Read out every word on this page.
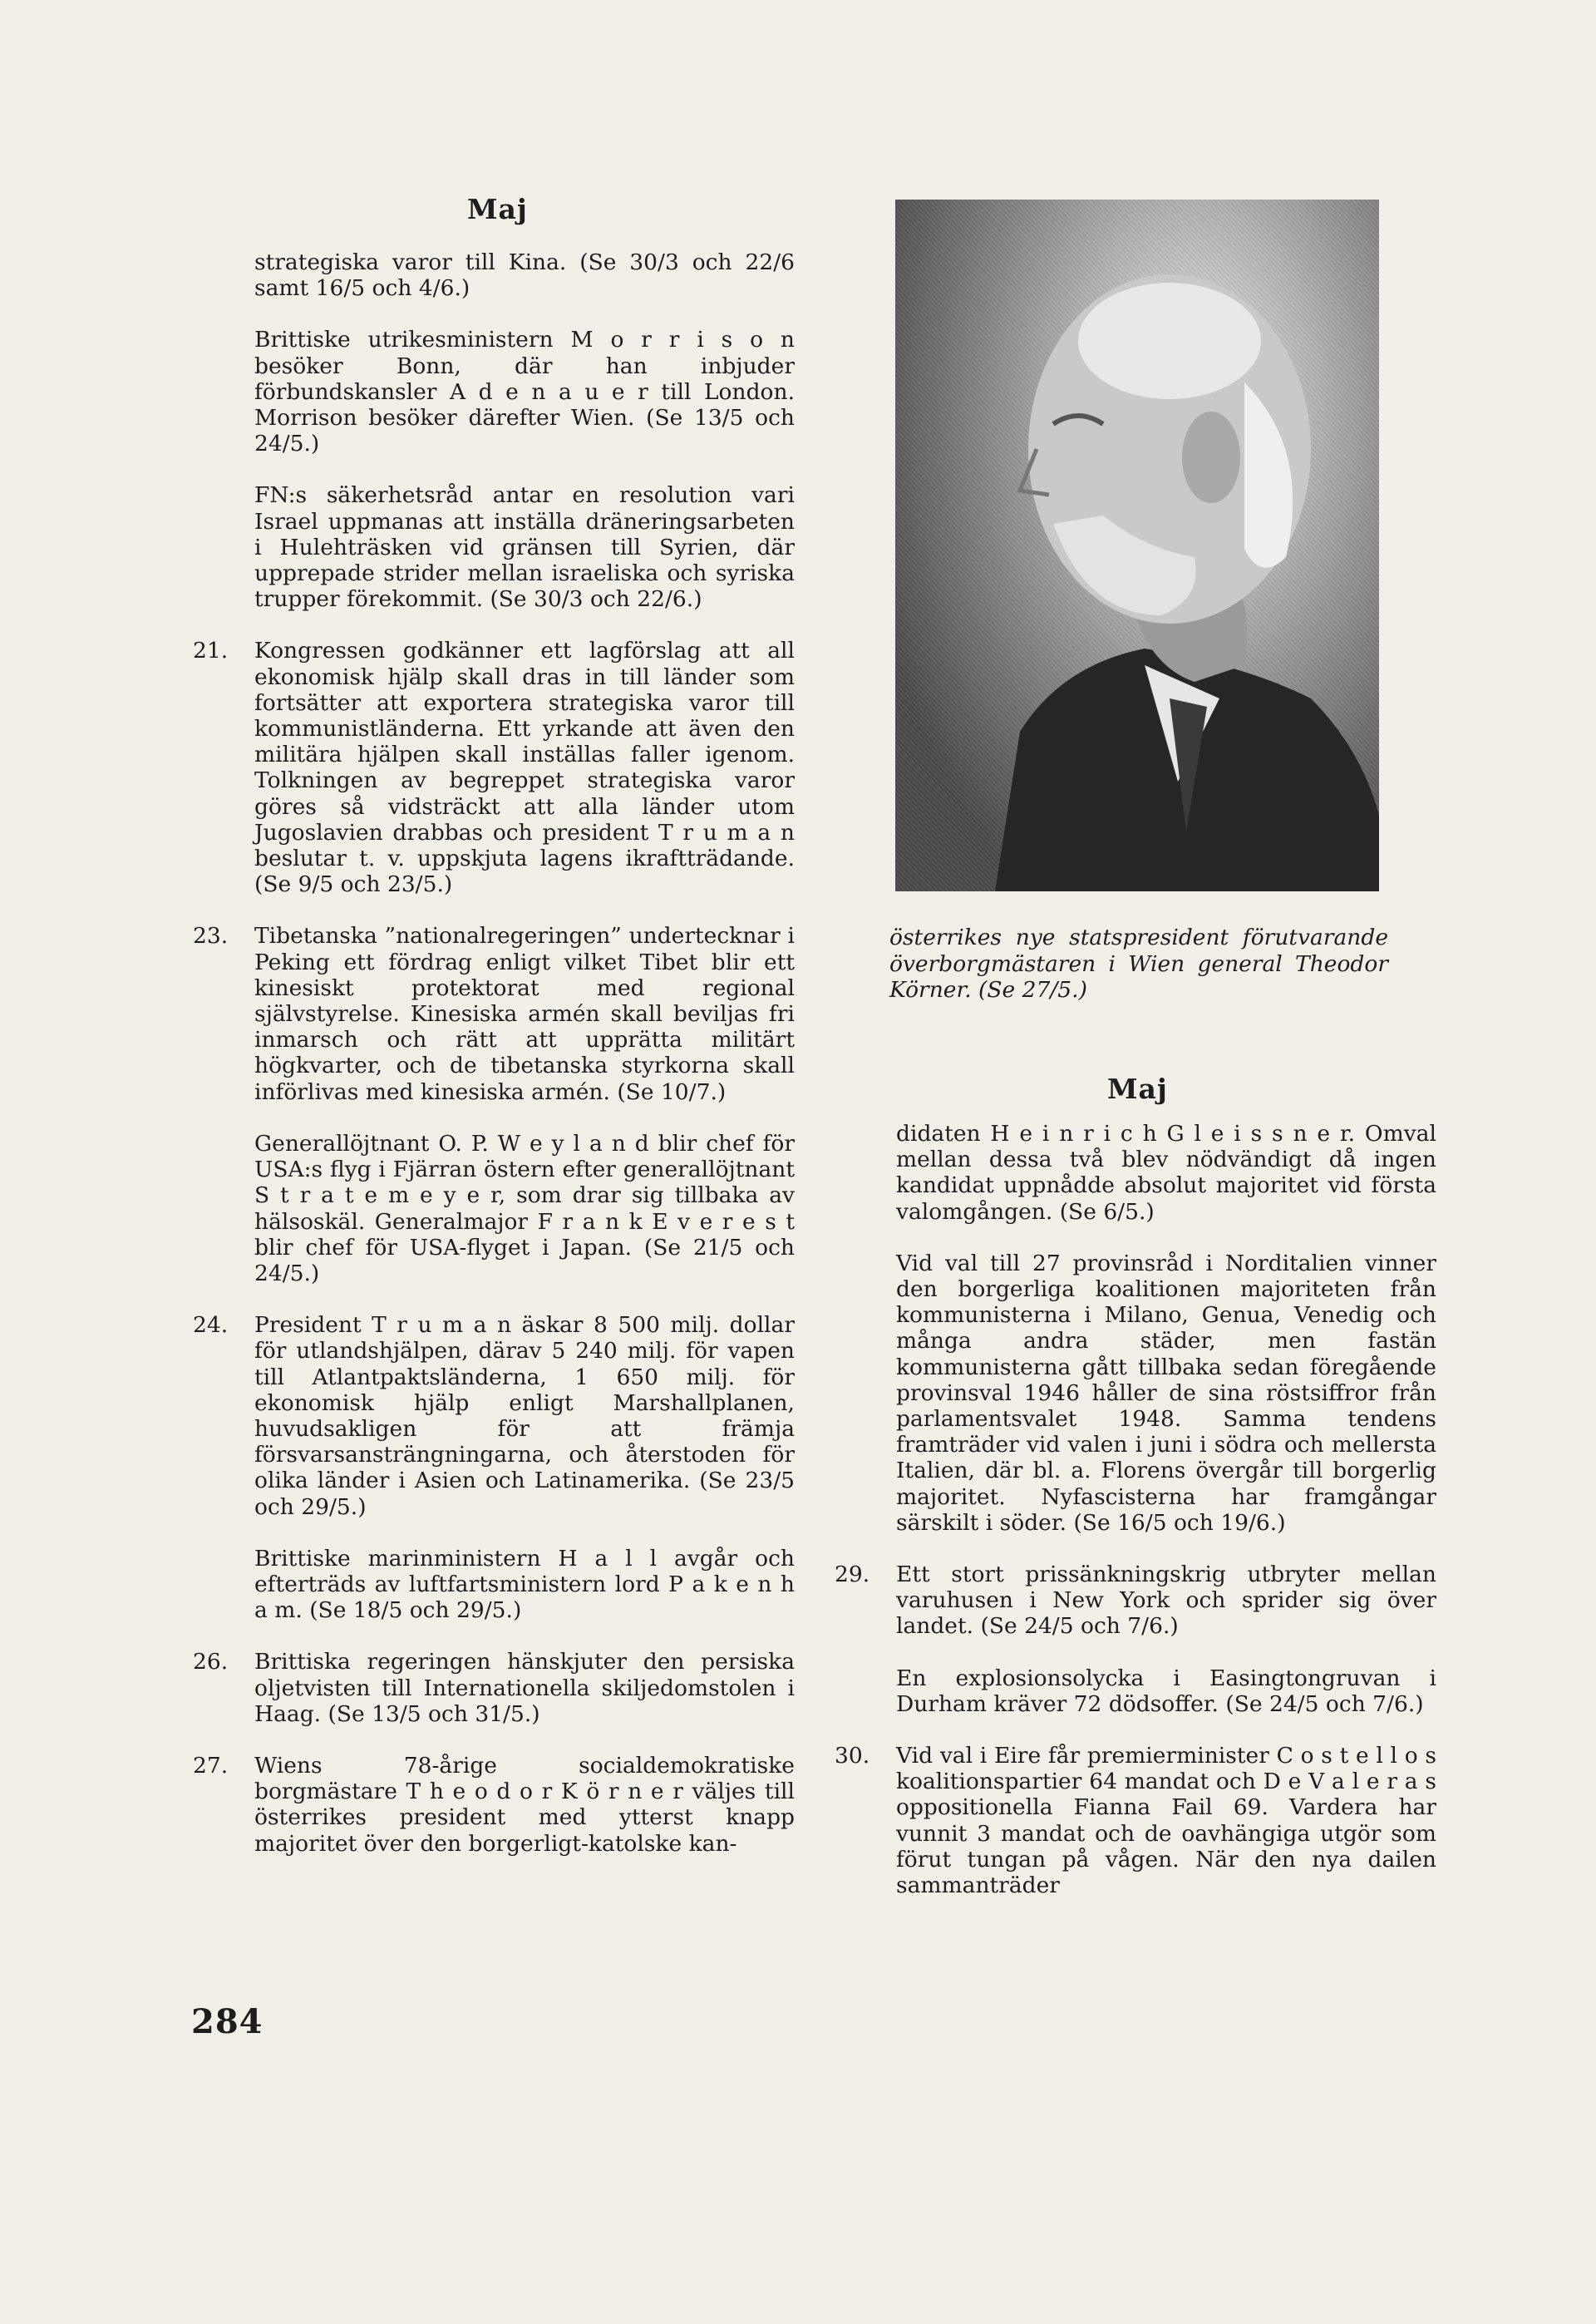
Maj
strategiska varor till Kina. (Se 30/3 och 22/6 samt 16/5 och 4/6.)
Brittiske utrikesministern M o r r i s o n besöker Bonn, där han inbjuder förbundskansler A d e n a u e r till London. Morrison besöker därefter Wien. (Se 13/5 och 24/5.)
FN:s säkerhetsråd antar en resolution vari Israel uppmanas att inställa dräneringsarbeten i Hulehträsken vid gränsen till Syrien, där upprepade strider mellan israeliska och syriska trupper förekommit. (Se 30/3 och 22/6.)
21.	Kongressen godkänner ett lagförslag att all ekonomisk hjälp skall dras in till länder som fortsätter att exportera strategiska varor till kommunistländerna. Ett yrkande att även den militära hjälpen skall inställas faller igenom. Tolkningen av begreppet strategiska varor göres så vidsträckt att alla länder utom Jugoslavien drabbas och president T r u m a n beslutar t. v. uppskjuta lagens ikraftträdande. (Se 9/5 och 23/5.)
23.	Tibetanska ”nationalregeringen” undertecknar i Peking ett fördrag enligt vilket Tibet blir ett kinesiskt protektorat med regional självstyrelse. Kinesiska armén skall beviljas fri inmarsch och rätt att upprätta militärt högkvarter, och de tibetanska styrkorna skall införlivas med kinesiska armén. (Se 10/7.)
Generallöjtnant O. P. W e y l a n d blir chef för USA:s flyg i Fjärran östern efter generallöjtnant S t r a t e m e y e r, som drar sig tillbaka av hälsoskäl. Generalmajor F r a n k E v e r e s t blir chef för USA-flyget i Japan. (Se 21/5 och 24/5.)
24.	President T r u m a n äskar 8 500 milj. dollar för utlandshjälpen, därav 5 240 milj. för vapen till Atlantpaktsländerna, 1 650 milj. för ekonomisk hjälp enligt Marshallplanen, huvudsakligen för att främja försvarsansträngningarna, och återstoden för olika länder i Asien och Latinamerika. (Se 23/5 och 29/5.)
Brittiske marinministern H a l l avgår och efterträds av luftfartsministern lord P a k e n h a m. (Se 18/5 och 29/5.)
26.	Brittiska regeringen hänskjuter den persiska oljetvisten till Internationella skiljedomstolen i Haag. (Se 13/5 och 31/5.)
27.	Wiens 78-årige socialdemokratiske borgmästare T h e o d o r K ö r n e r väljes till österrikes president med ytterst knapp majoritet över den borgerligt-katolske kan-
österrikes nye statspresident förutvarande överborgmästaren i Wien general Theodor Körner. (Se 27/5.)
Maj
didaten H e i n r i c h G l e i s s n e r. Omval mellan dessa två blev nödvändigt då ingen kandidat uppnådde absolut majoritet vid första valomgången. (Se 6/5.)
Vid val till 27 provinsråd i Norditalien vinner den borgerliga koalitionen majoriteten från kommunisterna i Milano, Genua, Venedig och många andra städer, men fastän kommunisterna gått tillbaka sedan föregående provinsval 1946 håller de sina röstsiffror från parlamentsvalet 1948. Samma tendens framträder vid valen i juni i södra och mellersta Italien, där bl. a. Florens övergår till borgerlig majoritet. Nyfascisterna har framgångar särskilt i söder. (Se 16/5 och 19/6.)
29.	Ett stort prissänkningskrig utbryter mellan varuhusen i New York och sprider sig över landet. (Se 24/5 och 7/6.)
En explosionsolycka i Easingtongruvan i Durham kräver 72 dödsoffer. (Se 24/5 och 7/6.)
30.	Vid val i Eire får premierminister C o s t e l l o s koalitionspartier 64 mandat och D e V a l e r a s oppositionella Fianna Fail 69. Vardera har vunnit 3 mandat och de oavhängiga utgör som förut tungan på vågen. När den nya dailen sammanträder
284
